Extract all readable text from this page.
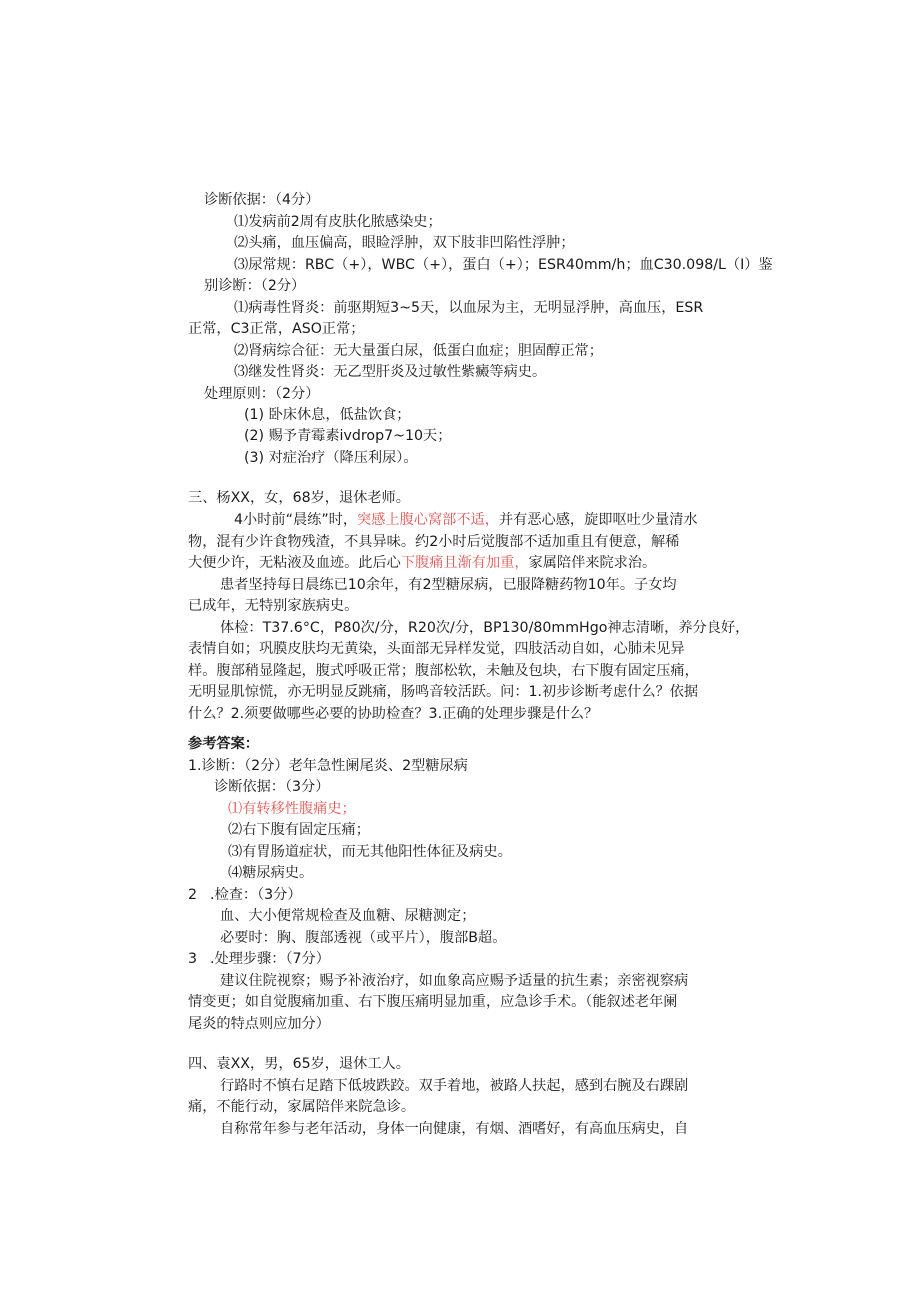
诊断依据：（4分）
⑴发病前2周有皮肤化脓感染史；
⑵头痛，血压偏高，眼睑浮肿，双下肢非凹陷性浮肿；
⑶尿常规：RBC（+），WBC（+），蛋白（+）；ESR40mm/h；血C30.098/L（I）鉴
别诊断：（2分）
⑴病毒性肾炎：前驱期短3~5天，以血尿为主，无明显浮肿，高血压，ESR
正常，C3正常，ASO正常；
⑵肾病综合征：无大量蛋白尿，低蛋白血症；胆固醇正常；
⑶继发性肾炎：无乙型肝炎及过敏性紫癜等病史。
处理原则：（2分）
(1) 卧床休息，低盐饮食；
(2) 赐予青霉素ivdrop7~10天；
(3) 对症治疗（降压利尿）。
三、杨XX，女，68岁，退休老师。
4小时前“晨练”时，突感上腹心窝部不适，并有恶心感，旋即呕吐少量清水
物，混有少许食物残渣，不具异味。约2小时后觉腹部不适加重且有便意，解稀
大便少许，无粘液及血迹。此后心下腹痛且渐有加重，家属陪伴来院求治。
患者坚持每日晨练已10余年，有2型糖尿病，已服降糖药物10年。子女均
已成年，无特别家族病史。
体检：T37.6°C，P80次/分，R20次/分，BP130/80mmHgo神志清晰，养分良好，
表情自如；巩膜皮肤均无黄染，头面部无异样发觉，四肢活动自如，心肺未见异
样。腹部稍显隆起，腹式呼吸正常；腹部松软，未触及包块，右下腹有固定压痛，
无明显肌惊慌，亦无明显反跳痛，肠鸣音较活跃。问：1.初步诊断考虑什么？依据
什么？2.须要做哪些必要的协助检查？3.正确的处理步骤是什么？
参考答案：
1.诊断：（2分）老年急性阑尾炎、2型糖尿病
诊断依据：（3分）
⑴有转移性腹痛史；
⑵右下腹有固定压痛；
⑶有胃肠道症状，而无其他阳性体征及病史。
⑷糖尿病史。
2 .检查：（3分）
血、大小便常规检查及血糖、尿糖测定；
必要时：胸、腹部透视（或平片），腹部B超。
3 .处理步骤：（7分）
建议住院视察；赐予补液治疗，如血象高应赐予适量的抗生素；亲密视察病
情变更；如自觉腹痛加重、右下腹压痛明显加重，应急诊手术。（能叙述老年阑
尾炎的特点则应加分）
四、袁XX，男，65岁，退休工人。
行路时不慎右足踏下低坡跌跤。双手着地，被路人扶起，感到右腕及右踝剧
痛，不能行动，家属陪伴来院急诊。
自称常年参与老年活动，身体一向健康，有烟、酒嗜好，有高血压病史，自
